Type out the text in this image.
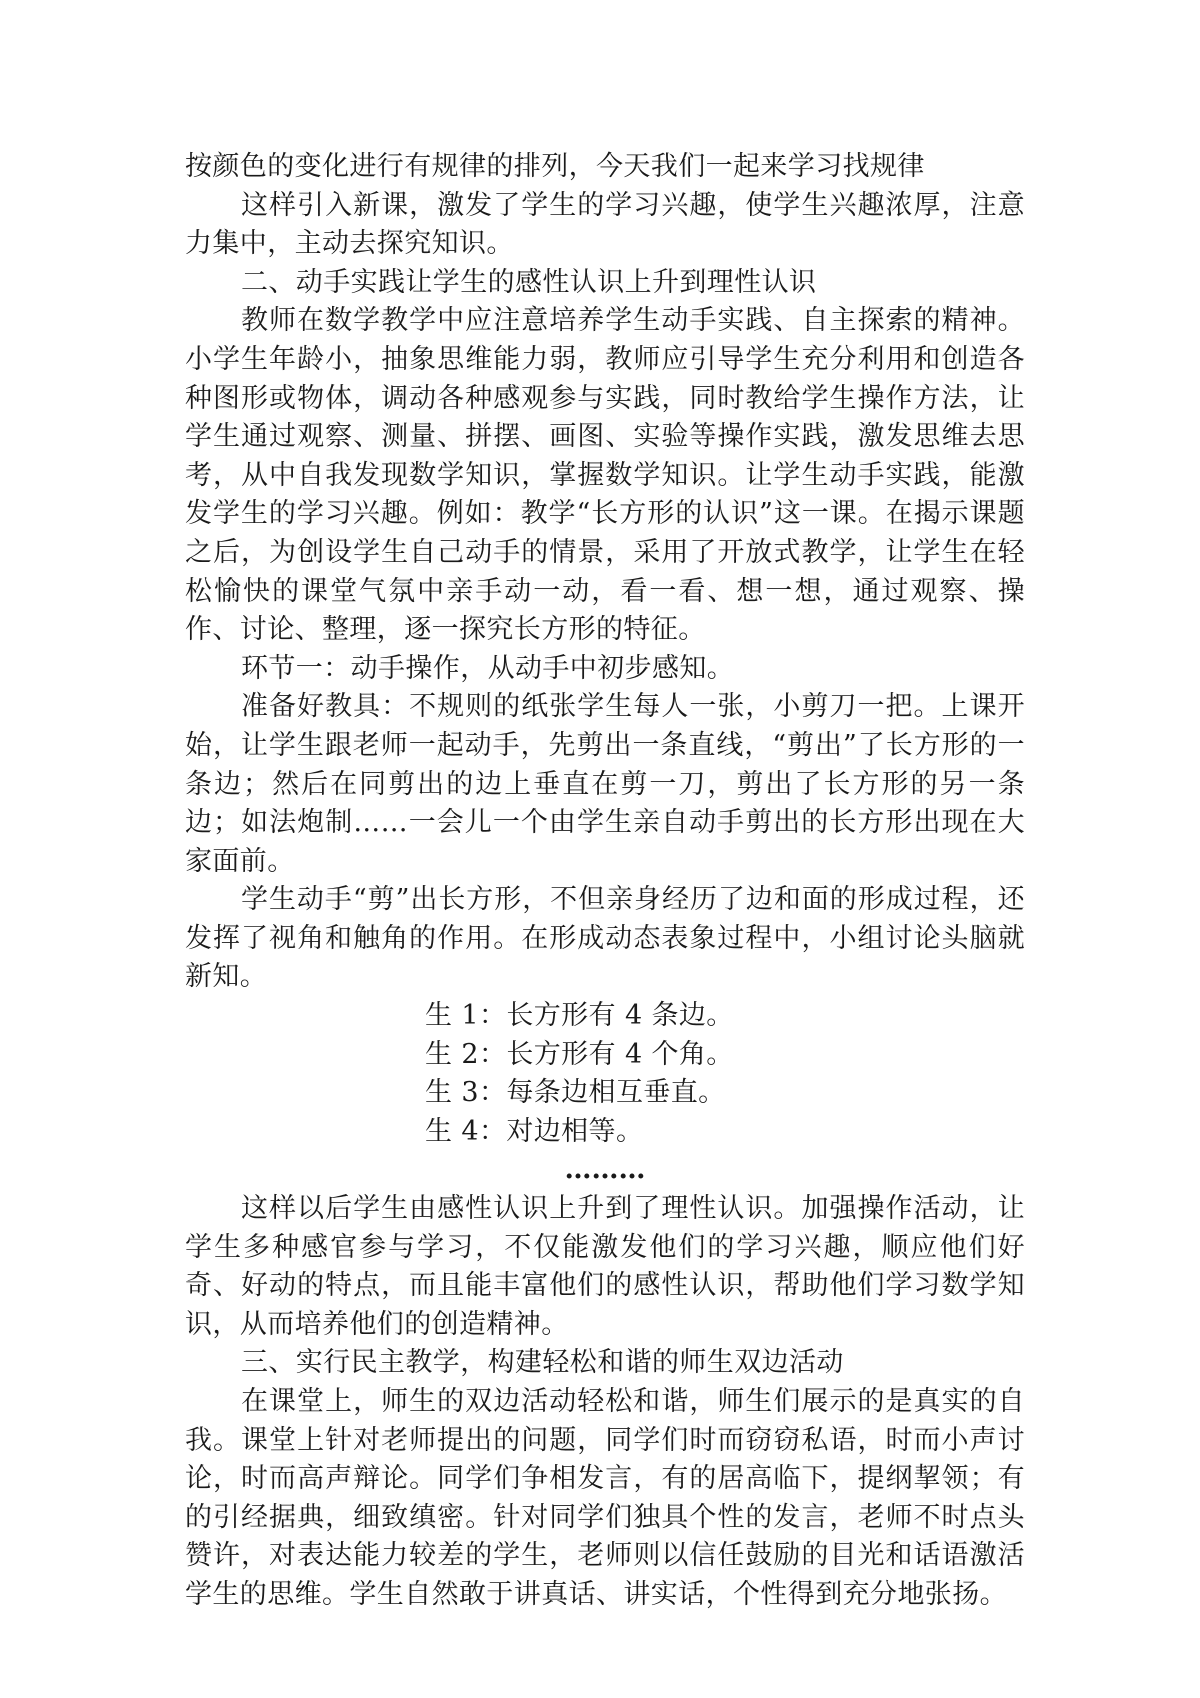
按颜色的变化进行有规律的排列，今天我们一起来学习找规律

这样引入新课，激发了学生的学习兴趣，使学生兴趣浓厚，注意力集中，主动去探究知识。

二、动手实践让学生的感性认识上升到理性认识

教师在数学教学中应注意培养学生动手实践、自主探索的精神。小学生年龄小，抽象思维能力弱，教师应引导学生充分利用和创造各种图形或物体，调动各种感观参与实践，同时教给学生操作方法，让学生通过观察、测量、拼摆、画图、实验等操作实践，激发思维去思考，从中自我发现数学知识，掌握数学知识。让学生动手实践，能激发学生的学习兴趣。例如：教学“长方形的认识”这一课。在揭示课题之后，为创设学生自己动手的情景，采用了开放式教学，让学生在轻松愉快的课堂气氛中亲手动一动，看一看、想一想，通过观察、操作、讨论、整理，逐一探究长方形的特征。

环节一：动手操作，从动手中初步感知。

准备好教具：不规则的纸张学生每人一张，小剪刀一把。上课开始，让学生跟老师一起动手，先剪出一条直线，“剪出”了长方形的一条边；然后在同剪出的边上垂直在剪一刀，剪出了长方形的另一条边；如法炮制……一会儿一个由学生亲自动手剪出的长方形出现在大家面前。

学生动手“剪”出长方形，不但亲身经历了边和面的形成过程，还发挥了视角和触角的作用。在形成动态表象过程中，小组讨论头脑就新知。

生 1：长方形有 4 条边。

生 2：长方形有 4 个角。

生 3：每条边相互垂直。

生 4：对边相等。

………

这样以后学生由感性认识上升到了理性认识。加强操作活动，让学生多种感官参与学习，不仅能激发他们的学习兴趣，顺应他们好奇、好动的特点，而且能丰富他们的感性认识，帮助他们学习数学知识，从而培养他们的创造精神。

三、实行民主教学，构建轻松和谐的师生双边活动

在课堂上，师生的双边活动轻松和谐，师生们展示的是真实的自我。课堂上针对老师提出的问题，同学们时而窃窃私语，时而小声讨论，时而高声辩论。同学们争相发言，有的居高临下，提纲挈领；有的引经据典，细致缜密。针对同学们独具个性的发言，老师不时点头赞许，对表达能力较差的学生，老师则以信任鼓励的目光和话语激活学生的思维。学生自然敢于讲真话、讲实话，个性得到充分地张扬。
